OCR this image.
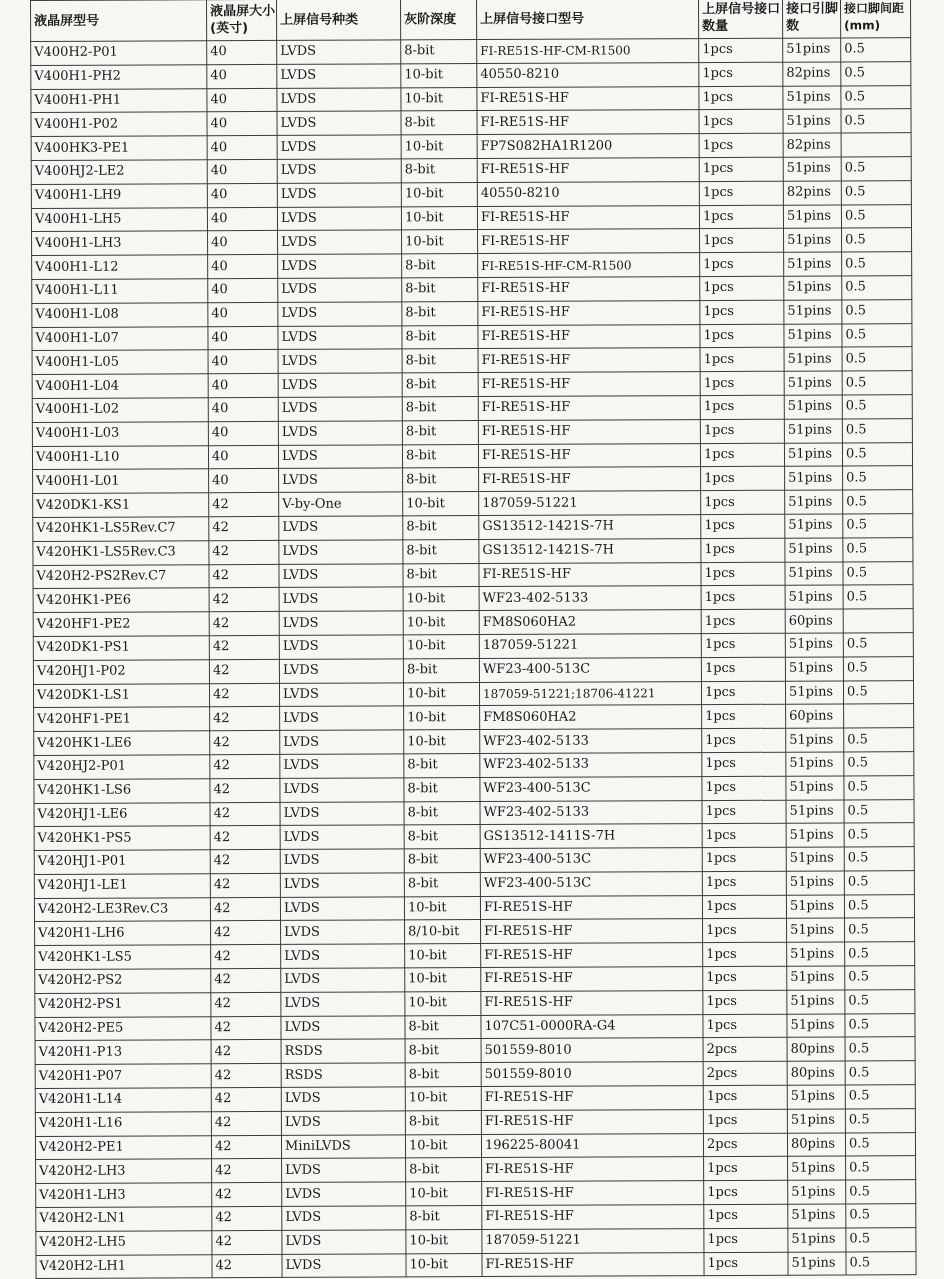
液晶屏型号	液晶屏大小(英寸)	上屏信号种类	灰阶深度	上屏信号接口型号	上屏信号接口数量	接口引脚数	接口脚间距(mm)
V400H2-P01	40	LVDS	8-bit	FI-RE51S-HF-CM-R1500	1pcs	51pins	0.5
V400H1-PH2	40	LVDS	10-bit	40550-8210	1pcs	82pins	0.5
V400H1-PH1	40	LVDS	10-bit	FI-RE51S-HF	1pcs	51pins	0.5
V400H1-P02	40	LVDS	8-bit	FI-RE51S-HF	1pcs	51pins	0.5
V400HK3-PE1	40	LVDS	10-bit	FP7S082HA1R1200	1pcs	82pins	
V400HJ2-LE2	40	LVDS	8-bit	FI-RE51S-HF	1pcs	51pins	0.5
V400H1-LH9	40	LVDS	10-bit	40550-8210	1pcs	82pins	0.5
V400H1-LH5	40	LVDS	10-bit	FI-RE51S-HF	1pcs	51pins	0.5
V400H1-LH3	40	LVDS	10-bit	FI-RE51S-HF	1pcs	51pins	0.5
V400H1-L12	40	LVDS	8-bit	FI-RE51S-HF-CM-R1500	1pcs	51pins	0.5
V400H1-L11	40	LVDS	8-bit	FI-RE51S-HF	1pcs	51pins	0.5
V400H1-L08	40	LVDS	8-bit	FI-RE51S-HF	1pcs	51pins	0.5
V400H1-L07	40	LVDS	8-bit	FI-RE51S-HF	1pcs	51pins	0.5
V400H1-L05	40	LVDS	8-bit	FI-RE51S-HF	1pcs	51pins	0.5
V400H1-L04	40	LVDS	8-bit	FI-RE51S-HF	1pcs	51pins	0.5
V400H1-L02	40	LVDS	8-bit	FI-RE51S-HF	1pcs	51pins	0.5
V400H1-L03	40	LVDS	8-bit	FI-RE51S-HF	1pcs	51pins	0.5
V400H1-L10	40	LVDS	8-bit	FI-RE51S-HF	1pcs	51pins	0.5
V400H1-L01	40	LVDS	8-bit	FI-RE51S-HF	1pcs	51pins	0.5
V420DK1-KS1	42	V-by-One	10-bit	187059-51221	1pcs	51pins	0.5
V420HK1-LS5Rev.C7	42	LVDS	8-bit	GS13512-1421S-7H	1pcs	51pins	0.5
V420HK1-LS5Rev.C3	42	LVDS	8-bit	GS13512-1421S-7H	1pcs	51pins	0.5
V420H2-PS2Rev.C7	42	LVDS	8-bit	FI-RE51S-HF	1pcs	51pins	0.5
V420HK1-PE6	42	LVDS	10-bit	WF23-402-5133	1pcs	51pins	0.5
V420HF1-PE2	42	LVDS	10-bit	FM8S060HA2	1pcs	60pins	
V420DK1-PS1	42	LVDS	10-bit	187059-51221	1pcs	51pins	0.5
V420HJ1-P02	42	LVDS	8-bit	WF23-400-513C	1pcs	51pins	0.5
V420DK1-LS1	42	LVDS	10-bit	187059-51221;18706-41221	1pcs	51pins	0.5
V420HF1-PE1	42	LVDS	10-bit	FM8S060HA2	1pcs	60pins	
V420HK1-LE6	42	LVDS	10-bit	WF23-402-5133	1pcs	51pins	0.5
V420HJ2-P01	42	LVDS	8-bit	WF23-402-5133	1pcs	51pins	0.5
V420HK1-LS6	42	LVDS	8-bit	WF23-400-513C	1pcs	51pins	0.5
V420HJ1-LE6	42	LVDS	8-bit	WF23-402-5133	1pcs	51pins	0.5
V420HK1-PS5	42	LVDS	8-bit	GS13512-1411S-7H	1pcs	51pins	0.5
V420HJ1-P01	42	LVDS	8-bit	WF23-400-513C	1pcs	51pins	0.5
V420HJ1-LE1	42	LVDS	8-bit	WF23-400-513C	1pcs	51pins	0.5
V420H2-LE3Rev.C3	42	LVDS	10-bit	FI-RE51S-HF	1pcs	51pins	0.5
V420H1-LH6	42	LVDS	8/10-bit	FI-RE51S-HF	1pcs	51pins	0.5
V420HK1-LS5	42	LVDS	10-bit	FI-RE51S-HF	1pcs	51pins	0.5
V420H2-PS2	42	LVDS	10-bit	FI-RE51S-HF	1pcs	51pins	0.5
V420H2-PS1	42	LVDS	10-bit	FI-RE51S-HF	1pcs	51pins	0.5
V420H2-PE5	42	LVDS	8-bit	107C51-0000RA-G4	1pcs	51pins	0.5
V420H1-P13	42	RSDS	8-bit	501559-8010	2pcs	80pins	0.5
V420H1-P07	42	RSDS	8-bit	501559-8010	2pcs	80pins	0.5
V420H1-L14	42	LVDS	10-bit	FI-RE51S-HF	1pcs	51pins	0.5
V420H1-L16	42	LVDS	8-bit	FI-RE51S-HF	1pcs	51pins	0.5
V420H2-PE1	42	MiniLVDS	10-bit	196225-80041	2pcs	80pins	0.5
V420H2-LH3	42	LVDS	8-bit	FI-RE51S-HF	1pcs	51pins	0.5
V420H1-LH3	42	LVDS	10-bit	FI-RE51S-HF	1pcs	51pins	0.5
V420H2-LN1	42	LVDS	8-bit	FI-RE51S-HF	1pcs	51pins	0.5
V420H2-LH5	42	LVDS	10-bit	187059-51221	1pcs	51pins	0.5
V420H2-LH1	42	LVDS	10-bit	FI-RE51S-HF	1pcs	51pins	0.5
